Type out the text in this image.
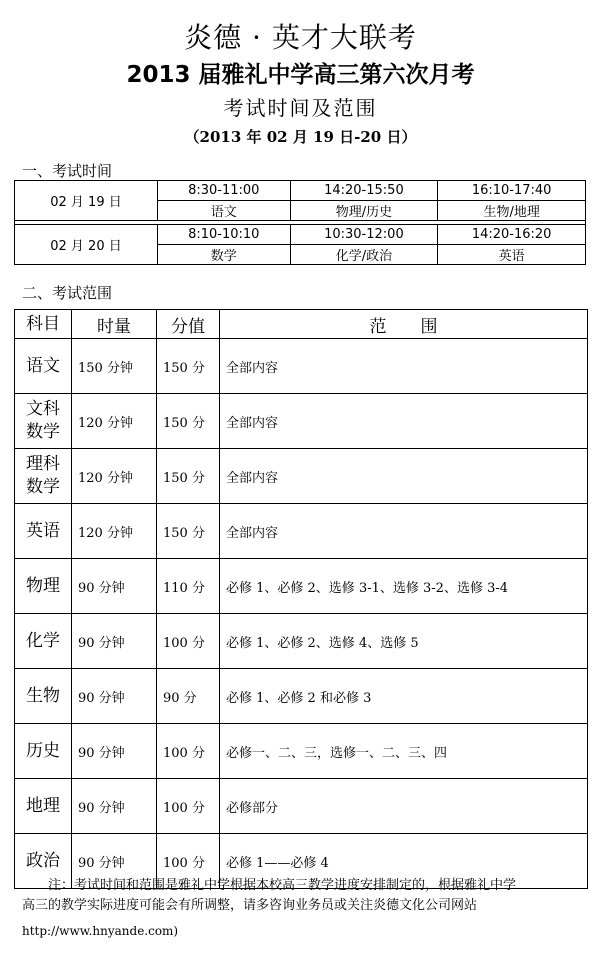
炎德 · 英才大联考
2013 届雅礼中学高三第六次月考
考试时间及范围
（2013 年 02 月 19 日-20 日）
一、考试时间
02 月 19 日	8:30-11:00	14:20-15:50	16:10-17:40
	语文	物理/历史	生物/地理

02 月 20 日	8:10-10:10	10:30-12:00	14:20-16:20
	数学	化学/政治	英语
二、考试范围
科目	时量	分值	范　　围

语文	150 分钟	150 分	全部内容

文科
数学	120 分钟	150 分	全部内容

理科
数学	120 分钟	150 分	全部内容

英语	120 分钟	150 分	全部内容

物理	90 分钟	110 分	必修 1、必修 2、选修 3-1、选修 3-2、选修 3-4

化学	90 分钟	100 分	必修 1、必修 2、选修 4、选修 5

生物	90 分钟	90 分	必修 1、必修 2 和必修 3

历史	90 分钟	100 分	必修一、二、三，选修一、二、三、四

地理	90 分钟	100 分	必修部分

政治	90 分钟	100 分	必修 1——必修 4
注：考试时间和范围是雅礼中学根据本校高三教学进度安排制定的，根据雅礼中学
高三的教学实际进度可能会有所调整，请多咨询业务员或关注炎德文化公司网站
http://www.hnyande.com)
